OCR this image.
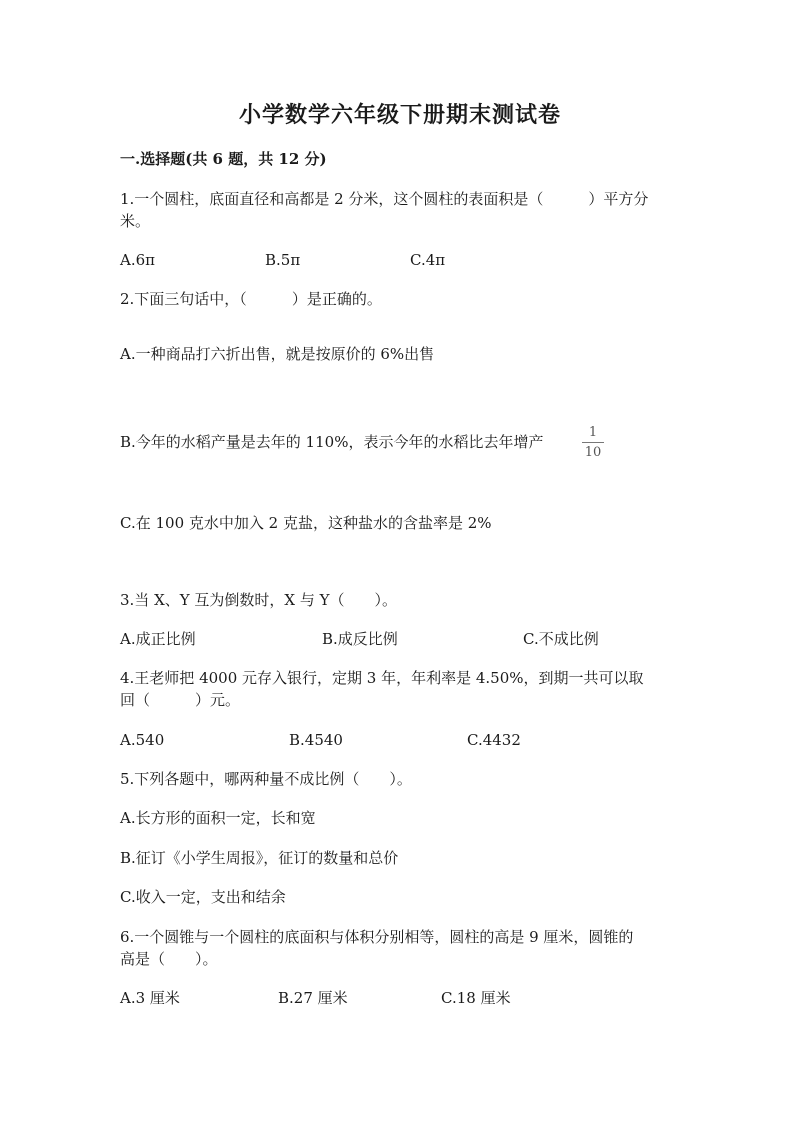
小学数学六年级下册期末测试卷
一.选择题(共 6 题，共 12 分)
1.一个圆柱，底面直径和高都是 2 分米，这个圆柱的表面积是（　　　）平方分
米。
A.6π	B.5π	C.4π
2.下面三句话中，（　　　）是正确的。
A.一种商品打六折出售，就是按原价的 6%出售
B.今年的水稻产量是去年的 110%，表示今年的水稻比去年增产
1
10
C.在 100 克水中加入 2 克盐，这种盐水的含盐率是 2%
3.当 X、Y 互为倒数时，X 与 Y（　　）。
A.成正比例	B.成反比例	C.不成比例
4.王老师把 4000 元存入银行，定期 3 年，年利率是 4.50%，到期一共可以取
回（　　　）元。
A.540	B.4540	C.4432
5.下列各题中，哪两种量不成比例（　　）。
A.长方形的面积一定，长和宽
B.征订《小学生周报》，征订的数量和总价
C.收入一定，支出和结余
6.一个圆锥与一个圆柱的底面积与体积分别相等，圆柱的高是 9 厘米，圆锥的
高是（　　）。
A.3 厘米	B.27 厘米	C.18 厘米
